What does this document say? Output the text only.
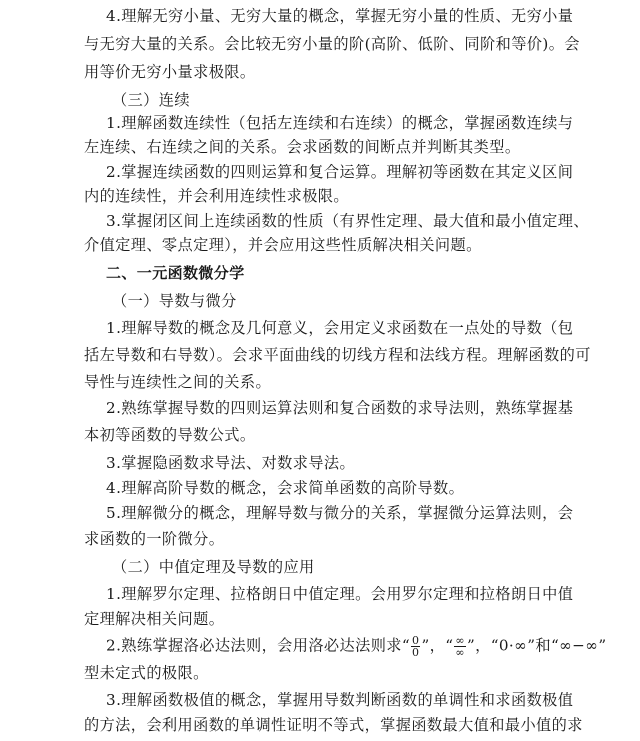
4.理解无穷小量、无穷大量的概念，掌握无穷小量的性质、无穷小量
与无穷大量的关系。会比较无穷小量的阶(高阶、低阶、同阶和等价)。会
用等价无穷小量求极限。
（三）连续
1.理解函数连续性（包括左连续和右连续）的概念，掌握函数连续与
左连续、右连续之间的关系。会求函数的间断点并判断其类型。
2.掌握连续函数的四则运算和复合运算。理解初等函数在其定义区间
内的连续性，并会利用连续性求极限。
3.掌握闭区间上连续函数的性质（有界性定理、最大值和最小值定理、
介值定理、零点定理），并会应用这些性质解决相关问题。
二、一元函数微分学
（一）导数与微分
1.理解导数的概念及几何意义，会用定义求函数在一点处的导数（包
括左导数和右导数）。会求平面曲线的切线方程和法线方程。理解函数的可
导性与连续性之间的关系。
2.熟练掌握导数的四则运算法则和复合函数的求导法则，熟练掌握基
本初等函数的导数公式。
3.掌握隐函数求导法、对数求导法。
4.理解高阶导数的概念，会求简单函数的高阶导数。
5.理解微分的概念，理解导数与微分的关系，掌握微分运算法则，会
求函数的一阶微分。
（二）中值定理及导数的应用
1.理解罗尔定理、拉格朗日中值定理。会用罗尔定理和拉格朗日中值
定理解决相关问题。
2.熟练掌握洛必达法则，会用洛必达法则求“ $\frac{0}{0}$ ”，“ $\frac{\infty}{\infty}$ ”，“0·∞”和“∞−∞”
型未定式的极限。
3.理解函数极值的概念，掌握用导数判断函数的单调性和求函数极值
的方法，会利用函数的单调性证明不等式，掌握函数最大值和最小值的求
